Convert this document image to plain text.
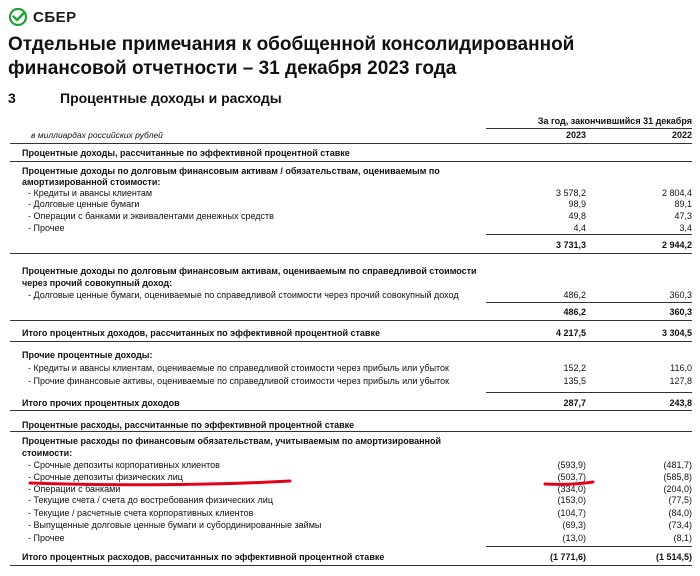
СБЕР
Отдельные примечания к обобщенной консолидированной финансовой отчетности – 31 декабря 2023 года
3	Процентные доходы и расходы
За год, закончившийся 31 декабря
в миллиардах российских рублей	2023	2022
Процентные доходы, рассчитанные по эффективной процентной ставке
Процентные доходы по долговым финансовым активам / обязательствам, оцениваемым по
амортизированной стоимости:
- Кредиты и авансы клиентам	3 578,2	2 804,4
- Долговые ценные бумаги	98,9	89,1
- Операции с банками и эквивалентами денежных средств	49,8	47,3
- Прочее	4,4	3,4
3 731,3	2 944,2
Процентные доходы по долговым финансовым активам, оцениваемым по справедливой стоимости
через прочий совокупный доход:
- Долговые ценные бумаги, оцениваемые по справедливой стоимости через прочий совокупный доход	486,2	360,3
486,2	360,3
Итого процентных доходов, рассчитанных по эффективной процентной ставке	4 217,5	3 304,5
Прочие процентные доходы:
- Кредиты и авансы клиентам, оцениваемые по справедливой стоимости через прибыль или убыток	152,2	116,0
- Прочие финансовые активы, оцениваемые по справедливой стоимости через прибыль или убыток	135,5	127,8
Итого прочих процентных доходов	287,7	243,8
Процентные расходы, рассчитанные по эффективной процентной ставке
Процентные расходы по финансовым обязательствам, учитываемым по амортизированной
стоимости:
- Срочные депозиты корпоративных клиентов	(593,9)	(481,7)
- Срочные депозиты физических лиц	(503,7)	(585,8)
- Операции с банками	(334,0)	(204,0)
- Текущие счета / счета до востребования физических лиц	(153,0)	(77,5)
- Текущие / расчетные счета корпоративных клиентов	(104,7)	(84,0)
- Выпущенные долговые ценные бумаги и субординированные займы	(69,3)	(73,4)
- Прочее	(13,0)	(8,1)
Итого процентных расходов, рассчитанных по эффективной процентной ставке	(1 771,6)	(1 514,5)
